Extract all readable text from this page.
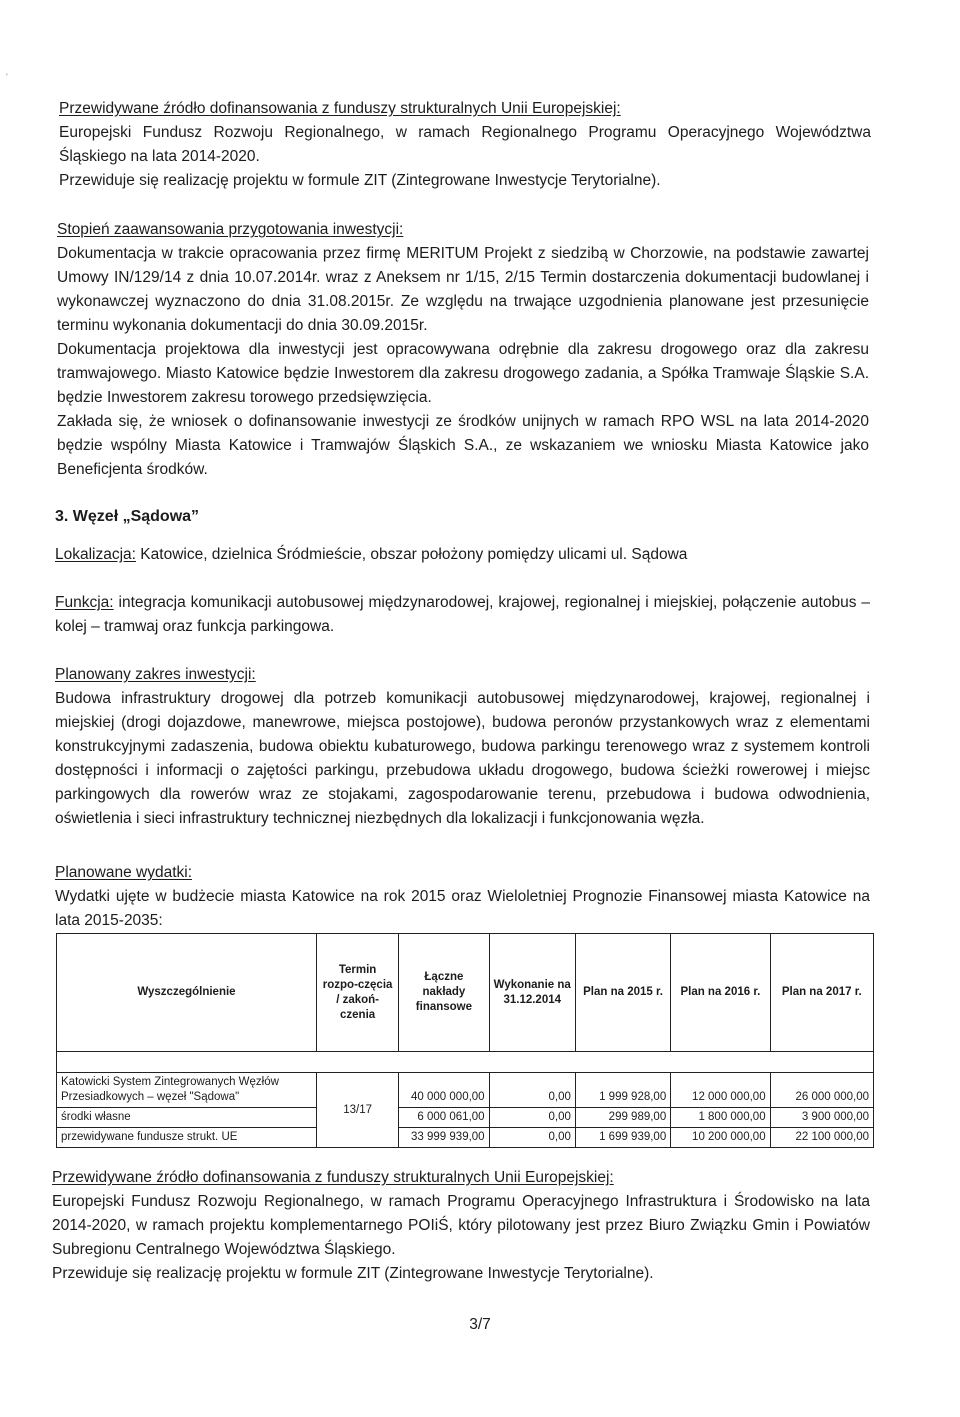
'

Przewidywane źródło dofinansowania z funduszy strukturalnych Unii Europejskiej:

Europejski Fundusz Rozwoju Regionalnego, w ramach Regionalnego Programu Operacyjnego Województwa Śląskiego na lata 2014-2020.

Przewiduje się realizację projektu w formule ZIT (Zintegrowane Inwestycje Terytorialne).

Stopień zaawansowania przygotowania inwestycji:

Dokumentacja w trakcie opracowania przez firmę MERITUM Projekt z siedzibą w Chorzowie, na podstawie zawartej Umowy IN/129/14 z dnia 10.07.2014r. wraz z Aneksem nr 1/15, 2/15 Termin dostarczenia dokumentacji budowlanej i wykonawczej wyznaczono do dnia 31.08.2015r. Ze względu na trwające uzgodnienia planowane jest przesunięcie terminu wykonania dokumentacji do dnia 30.09.2015r.

Dokumentacja projektowa dla inwestycji jest opracowywana odrębnie dla zakresu drogowego oraz dla zakresu tramwajowego. Miasto Katowice będzie Inwestorem dla zakresu drogowego zadania, a Spółka Tramwaje Śląskie S.A. będzie Inwestorem zakresu torowego przedsięwzięcia.

Zakłada się, że wniosek o dofinansowanie inwestycji ze środków unijnych w ramach RPO WSL na lata 2014-2020 będzie wspólny Miasta Katowice i Tramwajów Śląskich S.A., ze wskazaniem we wniosku Miasta Katowice jako Beneficjenta środków.

3. Węzeł „Sądowa”

Lokalizacja: Katowice, dzielnica Śródmieście, obszar położony pomiędzy ulicami ul. Sądowa

Funkcja: integracja komunikacji autobusowej międzynarodowej, krajowej, regionalnej i miejskiej, połączenie autobus – kolej – tramwaj oraz funkcja parkingowa.

Planowany zakres inwestycji:

Budowa infrastruktury drogowej dla potrzeb komunikacji autobusowej międzynarodowej, krajowej, regionalnej i miejskiej (drogi dojazdowe, manewrowe, miejsca postojowe), budowa peronów przystankowych wraz z elementami konstrukcyjnymi zadaszenia, budowa obiektu kubaturowego, budowa parkingu terenowego wraz z systemem kontroli dostępności i informacji o zajętości parkingu, przebudowa układu drogowego, budowa ścieżki rowerowej i miejsc parkingowych dla rowerów wraz ze stojakami, zagospodarowanie terenu, przebudowa i budowa odwodnienia, oświetlenia i sieci infrastruktury technicznej niezbędnych dla lokalizacji i funkcjonowania węzła.

Planowane wydatki:

Wydatki ujęte w budżecie miasta Katowice na rok 2015 oraz Wieloletniej Prognozie Finansowej miasta Katowice na lata 2015-2035:

Wyszczególnienie	Termin rozpo-częcia / zakoń-czenia	Łączne nakłady finansowe	Wykonanie na 31.12.2014	Plan na 2015 r.	Plan na 2016 r.	Plan na 2017 r.

Katowicki System Zintegrowanych Węzłów Przesiadkowych – węzeł "Sądowa"	13/17	40 000 000,00	0,00	1 999 928,00	12 000 000,00	26 000 000,00
środki własne		6 000 061,00	0,00	299 989,00	1 800 000,00	3 900 000,00
przewidywane fundusze strukt. UE		33 999 939,00	0,00	1 699 939,00	10 200 000,00	22 100 000,00

Przewidywane źródło dofinansowania z funduszy strukturalnych Unii Europejskiej:

Europejski Fundusz Rozwoju Regionalnego, w ramach Programu Operacyjnego Infrastruktura i Środowisko na lata 2014-2020, w ramach projektu komplementarnego POIiŚ, który pilotowany jest przez Biuro Związku Gmin i Powiatów Subregionu Centralnego Województwa Śląskiego.

Przewiduje się realizację projektu w formule ZIT (Zintegrowane Inwestycje Terytorialne).

3/7
